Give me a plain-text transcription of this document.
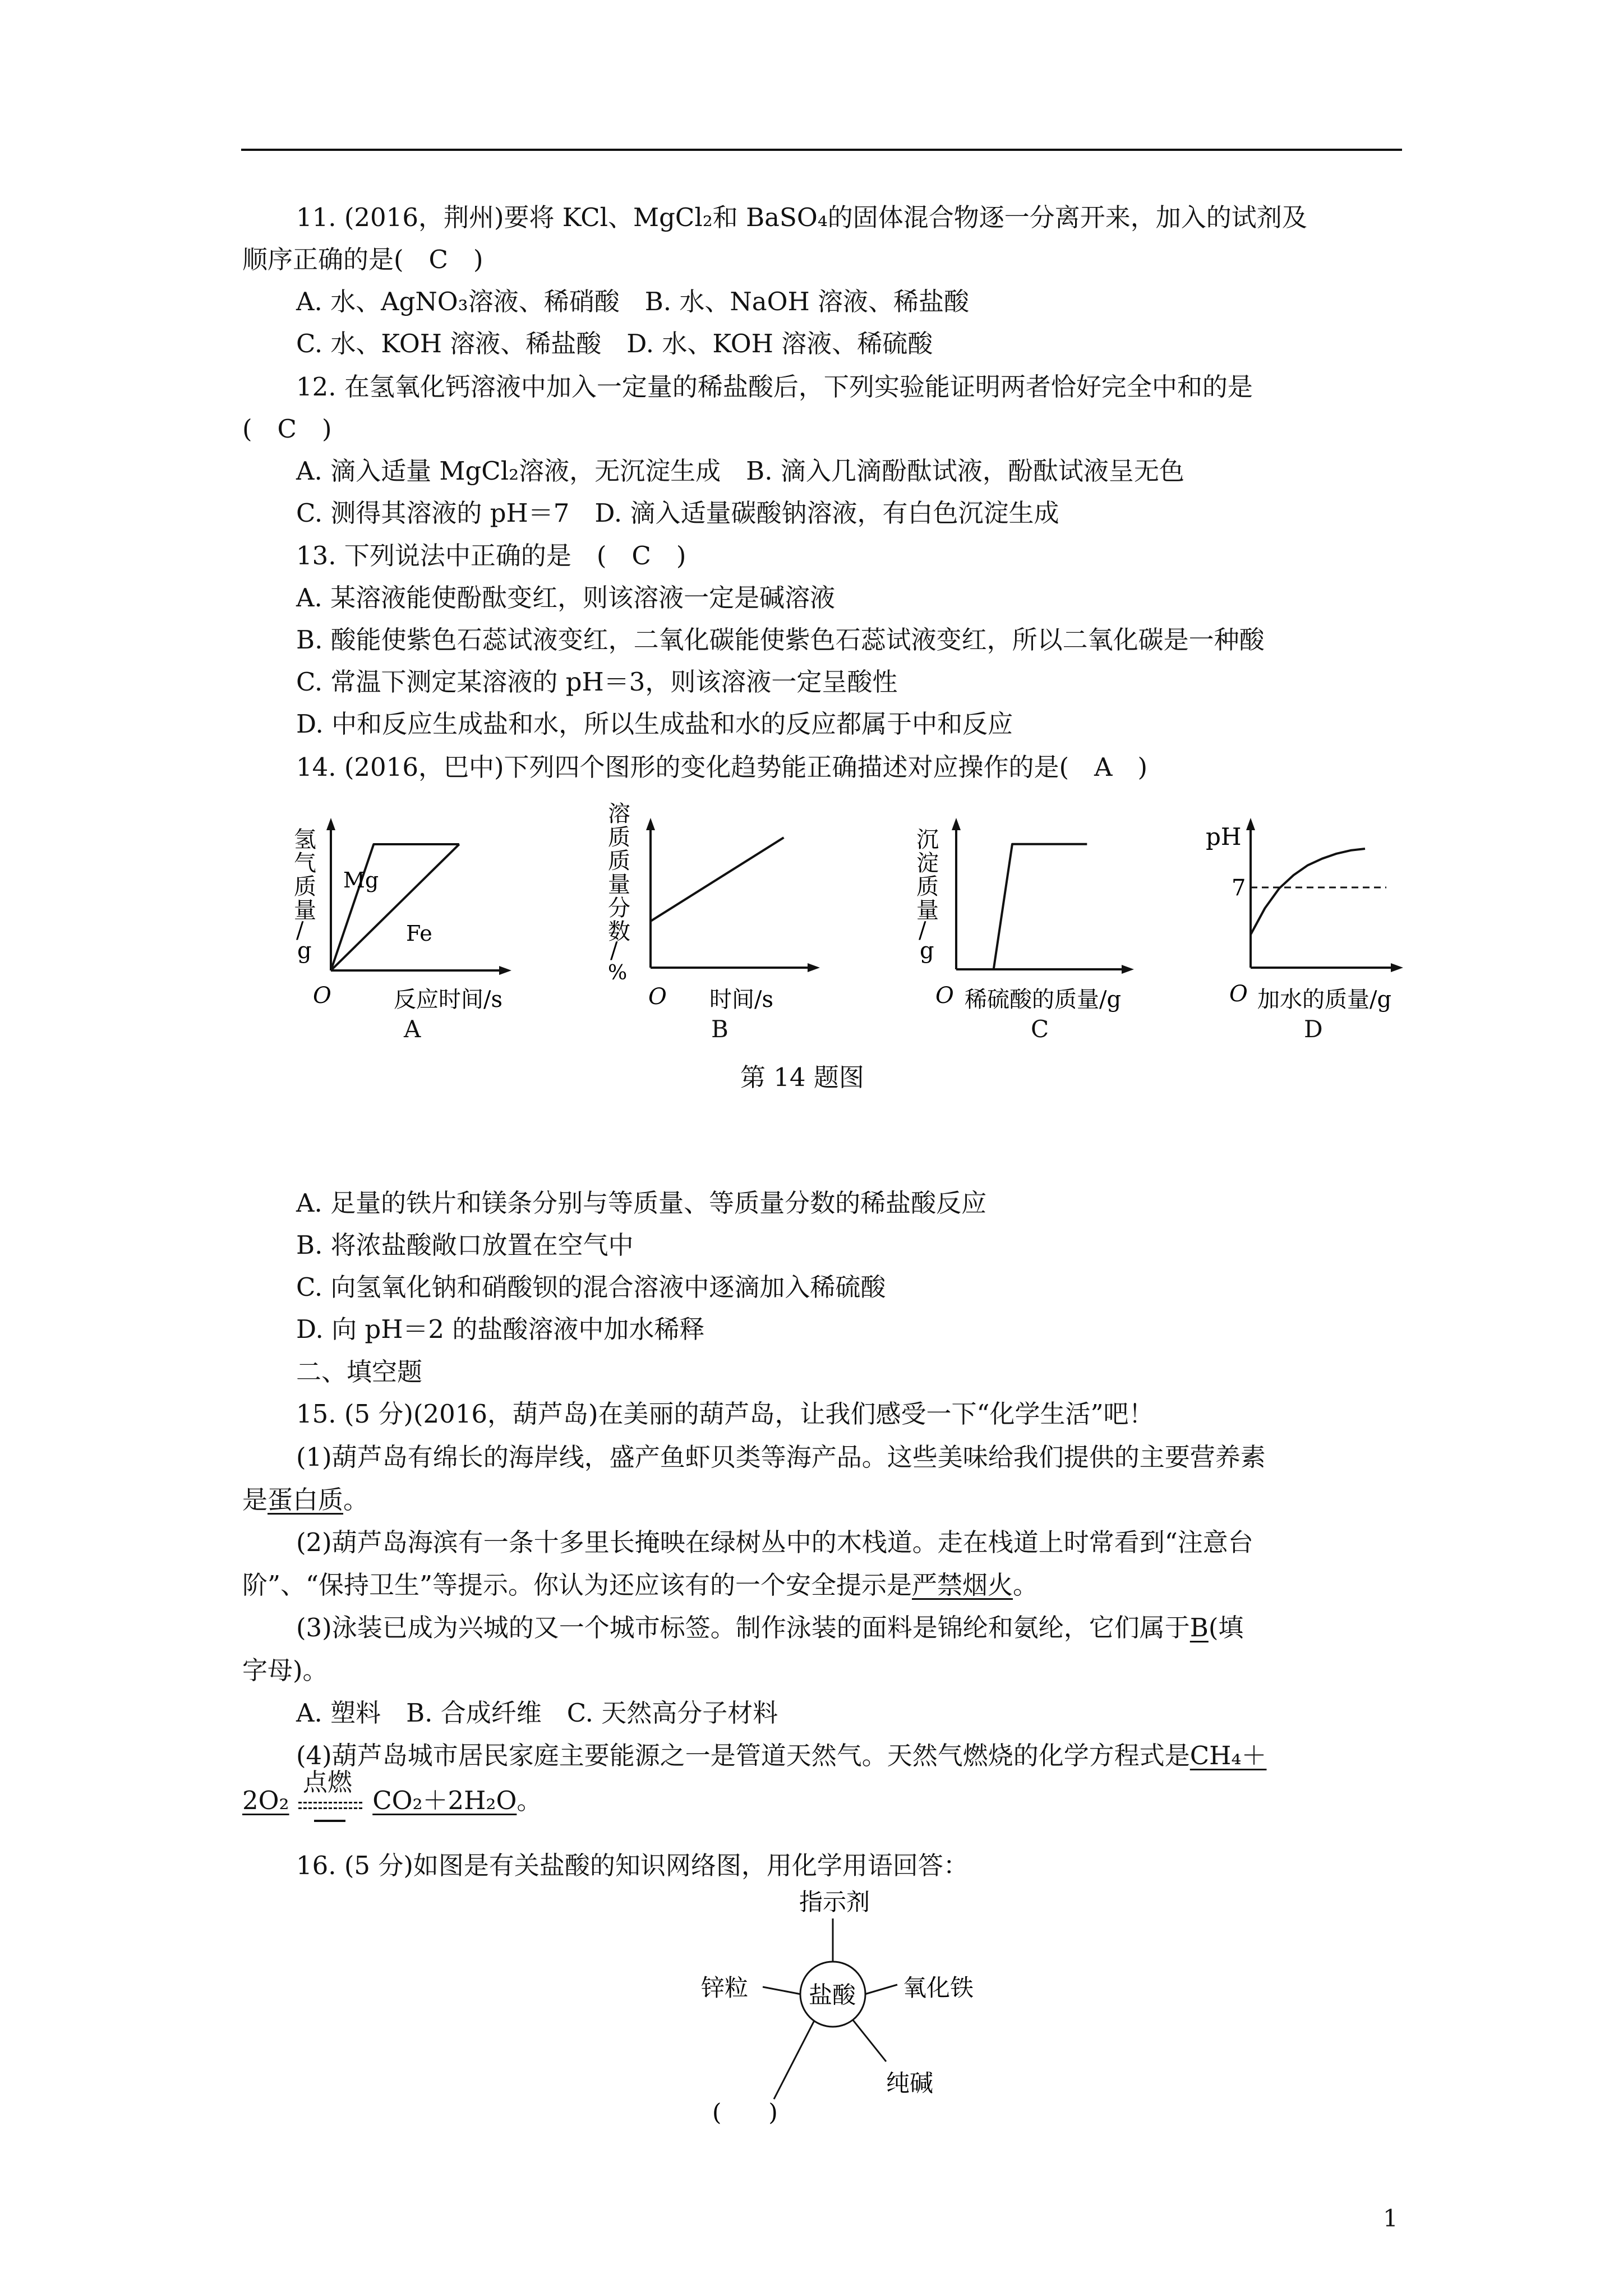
11. (2016，荆州)要将 KCl、MgCl₂和 BaSO₄的固体混合物逐一分离开来，加入的试剂及
顺序正确的是(　C　)
A. 水、AgNO₃溶液、稀硝酸　B. 水、NaOH 溶液、稀盐酸
C. 水、KOH 溶液、稀盐酸　D. 水、KOH 溶液、稀硫酸
12. 在氢氧化钙溶液中加入一定量的稀盐酸后，下列实验能证明两者恰好完全中和的是
(　C　)
A. 滴入适量 MgCl₂溶液，无沉淀生成　B. 滴入几滴酚酞试液，酚酞试液呈无色
C. 测得其溶液的 pH＝7　D. 滴入适量碳酸钠溶液，有白色沉淀生成
13. 下列说法中正确的是　(　C　)
A. 某溶液能使酚酞变红，则该溶液一定是碱溶液
B. 酸能使紫色石蕊试液变红，二氧化碳能使紫色石蕊试液变红，所以二氧化碳是一种酸
C. 常温下测定某溶液的 pH＝3，则该溶液一定呈酸性
D. 中和反应生成盐和水，所以生成盐和水的反应都属于中和反应
14. (2016，巴中)下列四个图形的变化趋势能正确描述对应操作的是(　A　)
氢
气
质
量
/
g
Mg
Fe
O	反应时间/s
A
溶
质
质
量
分
数
/
%
O 时间/s
B
沉
淀
质
量
/
g
O 稀硫酸的质量/g
C
pH
7
O 加水的质量/g
D
第 14 题图
A. 足量的铁片和镁条分别与等质量、等质量分数的稀盐酸反应
B. 将浓盐酸敞口放置在空气中
C. 向氢氧化钠和硝酸钡的混合溶液中逐滴加入稀硫酸
D. 向 pH＝2 的盐酸溶液中加水稀释
二、填空题
15. (5 分)(2016，葫芦岛)在美丽的葫芦岛，让我们感受一下“化学生活”吧！
(1)葫芦岛有绵长的海岸线，盛产鱼虾贝类等海产品。这些美味给我们提供的主要营养素
是蛋白质。
(2)葫芦岛海滨有一条十多里长掩映在绿树丛中的木栈道。走在栈道上时常看到“注意台
阶”、“保持卫生”等提示。你认为还应该有的一个安全提示是严禁烟火。
(3)泳装已成为兴城的又一个城市标签。制作泳装的面料是锦纶和氨纶，它们属于B(填
字母)。
A. 塑料　B. 合成纤维　C. 天然高分子材料
(4)葫芦岛城市居民家庭主要能源之一是管道天然气。天然气燃烧的化学方程式是CH₄＋
2O₂
点燃
CO₂＋2H₂O。
16. (5 分)如图是有关盐酸的知识网络图，用化学用语回答：
指示剂
锌粒	氧化铁
纯碱
(　　)
盐酸
1
